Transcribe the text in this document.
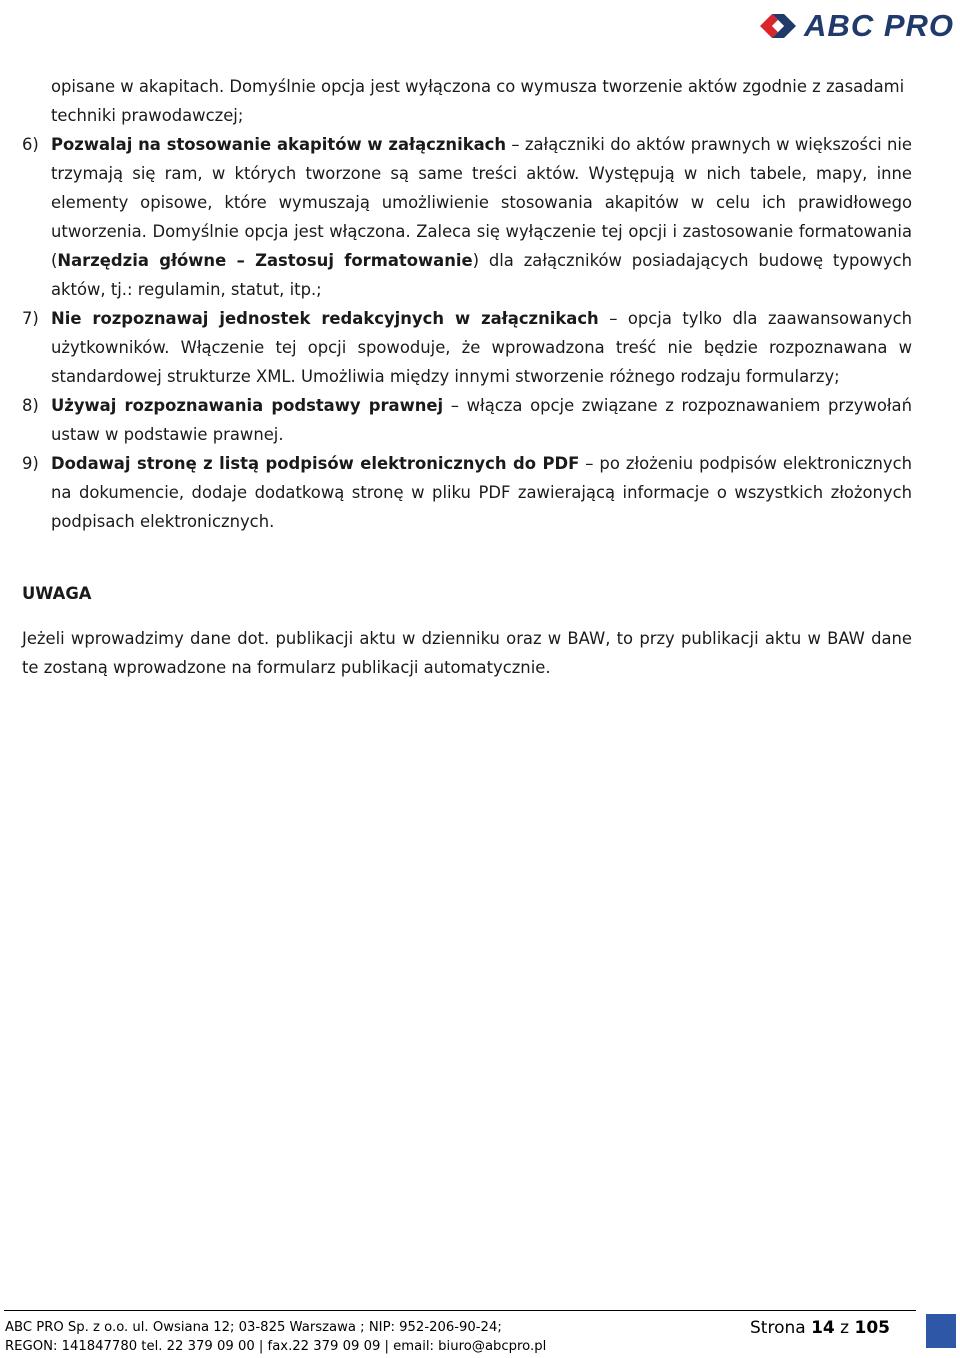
ABC PRO

opisane w akapitach. Domyślnie opcja jest wyłączona co wymusza tworzenie aktów zgodnie z zasadami

techniki prawodawczej;

6) Pozwalaj na stosowanie akapitów w załącznikach – załączniki do aktów prawnych w większości nie trzymają się ram, w których tworzone są same treści aktów. Występują w nich tabele, mapy, inne elementy opisowe, które wymuszają umożliwienie stosowania akapitów w celu ich prawidłowego utworzenia. Domyślnie opcja jest włączona. Zaleca się wyłączenie tej opcji i zastosowanie formatowania (Narzędzia główne – Zastosuj formatowanie) dla załączników posiadających budowę typowych aktów, tj.: regulamin, statut, itp.;

7) Nie rozpoznawaj jednostek redakcyjnych w załącznikach – opcja tylko dla zaawansowanych użytkowników. Włączenie tej opcji spowoduje, że wprowadzona treść nie będzie rozpoznawana w standardowej strukturze XML. Umożliwia między innymi stworzenie różnego rodzaju formularzy;

8) Używaj rozpoznawania podstawy prawnej – włącza opcje związane z rozpoznawaniem przywołań ustaw w podstawie prawnej.

9) Dodawaj stronę z listą podpisów elektronicznych do PDF – po złożeniu podpisów elektronicznych na dokumencie, dodaje dodatkową stronę w pliku PDF zawierającą informacje o wszystkich złożonych podpisach elektronicznych.

UWAGA

Jeżeli wprowadzimy dane dot. publikacji aktu w dzienniku oraz w BAW, to przy publikacji aktu w BAW dane te zostaną wprowadzone na formularz publikacji automatycznie.

ABC PRO Sp. z o.o. ul. Owsiana 12; 03-825 Warszawa ; NIP: 952-206-90-24;
REGON: 141847780 tel. 22 379 09 00 | fax.22 379 09 09 | email: biuro@abcpro.pl
Strona 14 z 105
